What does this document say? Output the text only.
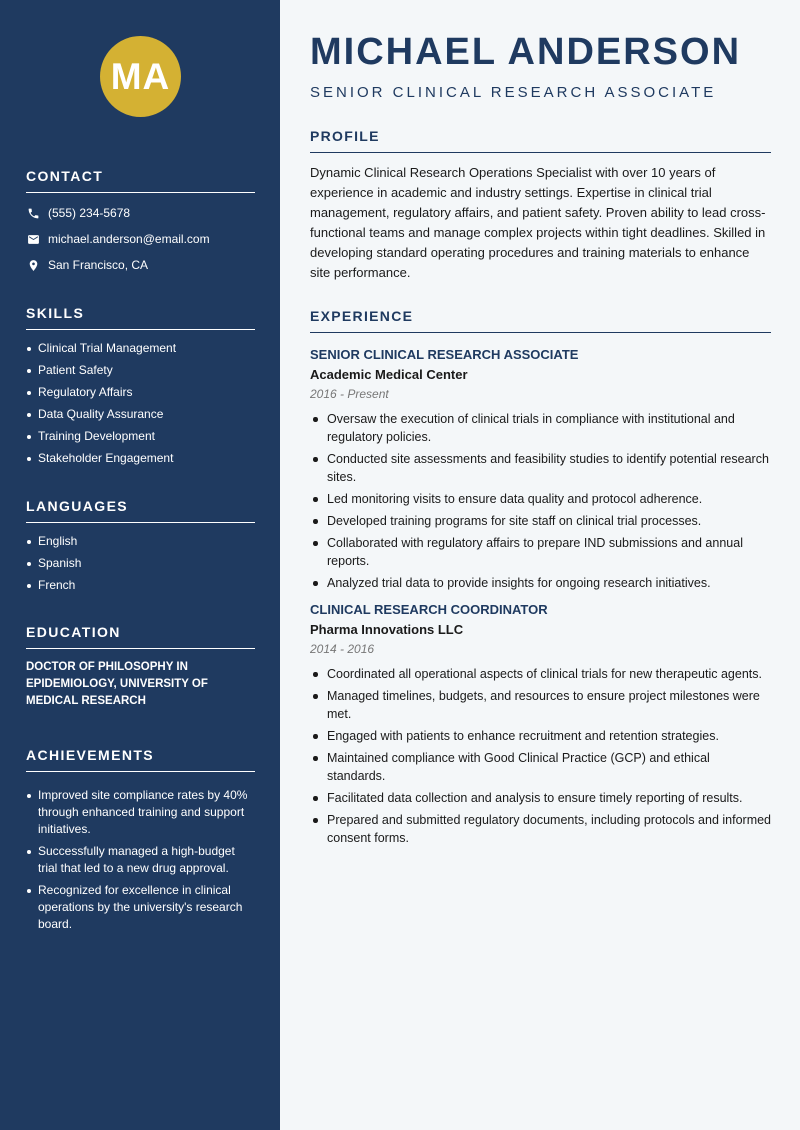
MA
CONTACT
(555) 234-5678
michael.anderson@email.com
San Francisco, CA
SKILLS
Clinical Trial Management
Patient Safety
Regulatory Affairs
Data Quality Assurance
Training Development
Stakeholder Engagement
LANGUAGES
English
Spanish
French
EDUCATION
DOCTOR OF PHILOSOPHY IN EPIDEMIOLOGY, UNIVERSITY OF MEDICAL RESEARCH
ACHIEVEMENTS
Improved site compliance rates by 40% through enhanced training and support initiatives.
Successfully managed a high-budget trial that led to a new drug approval.
Recognized for excellence in clinical operations by the university's research board.
MICHAEL ANDERSON
SENIOR CLINICAL RESEARCH ASSOCIATE
PROFILE
Dynamic Clinical Research Operations Specialist with over 10 years of experience in academic and industry settings. Expertise in clinical trial management, regulatory affairs, and patient safety. Proven ability to lead cross-functional teams and manage complex projects within tight deadlines. Skilled in developing standard operating procedures and training materials to enhance site performance.
EXPERIENCE
SENIOR CLINICAL RESEARCH ASSOCIATE
Academic Medical Center
2016 - Present
Oversaw the execution of clinical trials in compliance with institutional and regulatory policies.
Conducted site assessments and feasibility studies to identify potential research sites.
Led monitoring visits to ensure data quality and protocol adherence.
Developed training programs for site staff on clinical trial processes.
Collaborated with regulatory affairs to prepare IND submissions and annual reports.
Analyzed trial data to provide insights for ongoing research initiatives.
CLINICAL RESEARCH COORDINATOR
Pharma Innovations LLC
2014 - 2016
Coordinated all operational aspects of clinical trials for new therapeutic agents.
Managed timelines, budgets, and resources to ensure project milestones were met.
Engaged with patients to enhance recruitment and retention strategies.
Maintained compliance with Good Clinical Practice (GCP) and ethical standards.
Facilitated data collection and analysis to ensure timely reporting of results.
Prepared and submitted regulatory documents, including protocols and informed consent forms.
